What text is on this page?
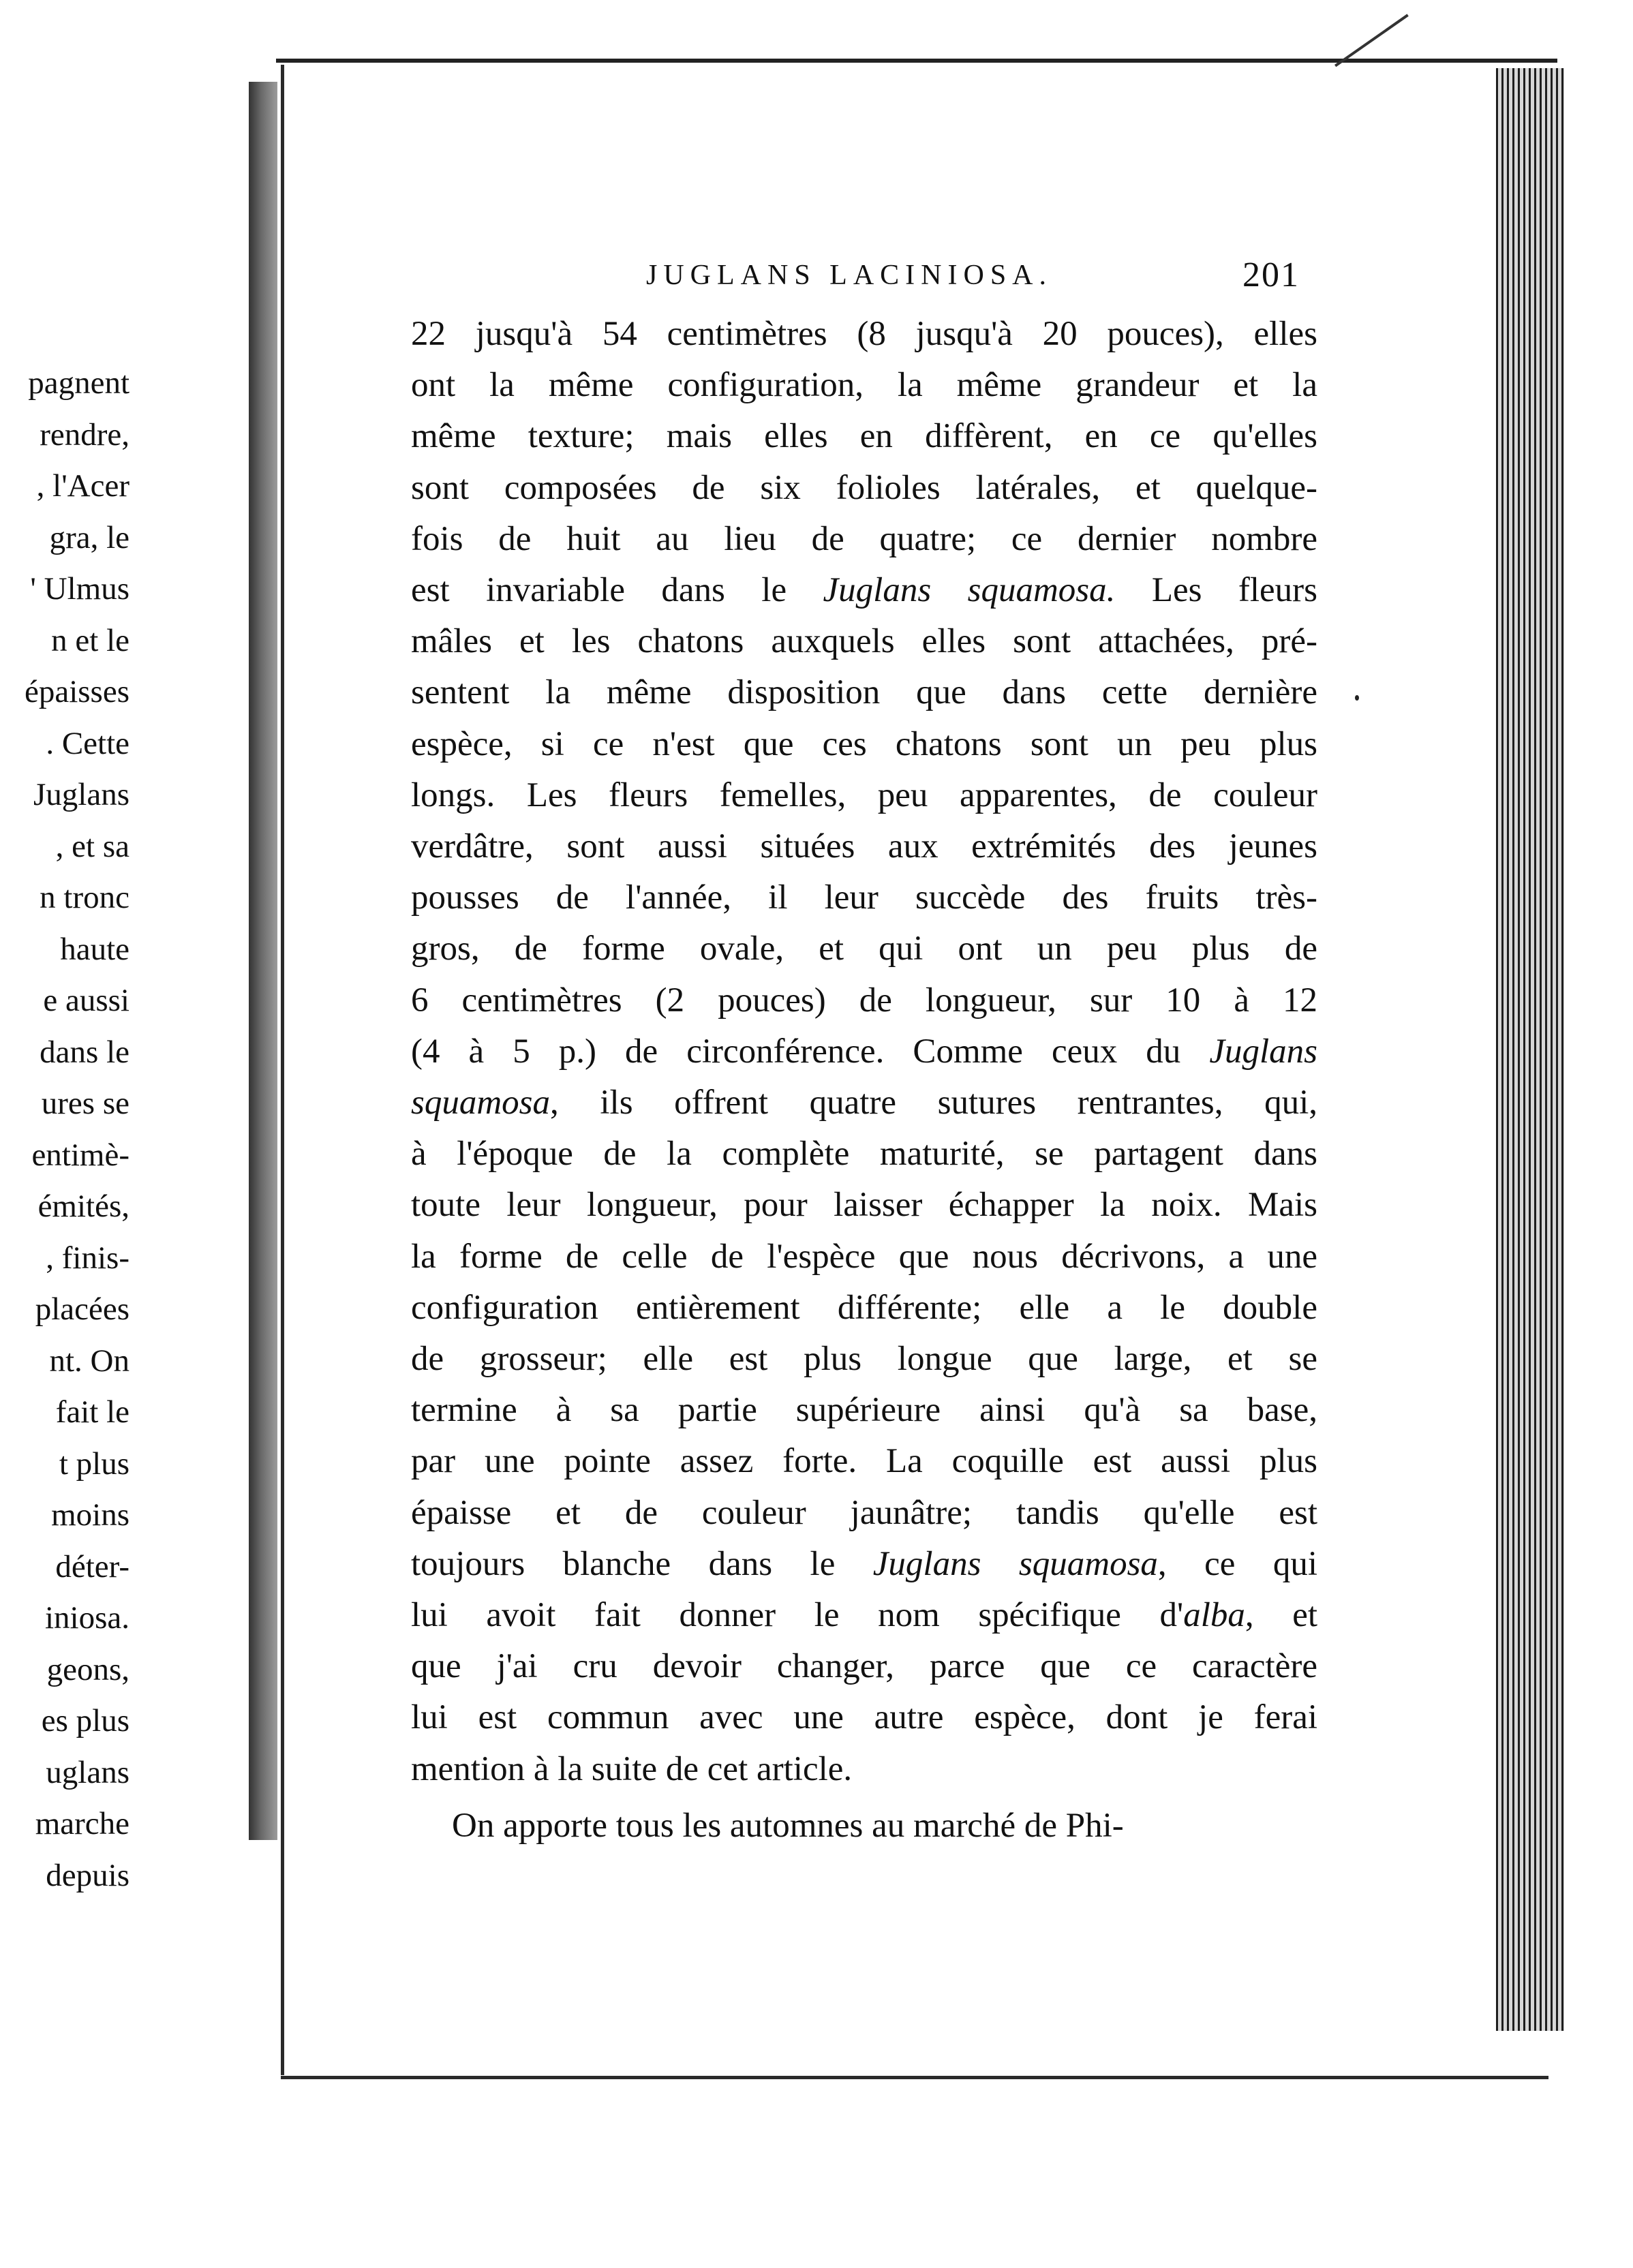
pagnent
rendre,
, l'Acer
gra, le
' Ulmus
n et le
épaisses
. Cette
Juglans
, et sa
n tronc
haute
e aussi
dans le
ures se
entimè-
émités,
, finis-
placées
nt. On
fait le
t plus
moins
déter-
iniosa.
geons,
es plus
uglans
marche
depuis
JUGLANS LACINIOSA.	201
22 jusqu'à 54 centimètres (8 jusqu'à 20 pouces), elles
ont la même configuration, la même grandeur et la
même texture; mais elles en diffèrent, en ce qu'elles
sont composées de six folioles latérales, et quelque-
fois de huit au lieu de quatre; ce dernier nombre
est invariable dans le Juglans squamosa. Les fleurs
mâles et les chatons auxquels elles sont attachées, pré-
sentent la même disposition que dans cette dernière
espèce, si ce n'est que ces chatons sont un peu plus
longs. Les fleurs femelles, peu apparentes, de couleur
verdâtre, sont aussi situées aux extrémités des jeunes
pousses de l'année, il leur succède des fruits très-
gros, de forme ovale, et qui ont un peu plus de
6 centimètres (2 pouces) de longueur, sur 10 à 12
(4 à 5 p.) de circonférence. Comme ceux du Juglans
squamosa, ils offrent quatre sutures rentrantes, qui,
à l'époque de la complète maturité, se partagent dans
toute leur longueur, pour laisser échapper la noix. Mais
la forme de celle de l'espèce que nous décrivons, a une
configuration entièrement différente; elle a le double
de grosseur; elle est plus longue que large, et se
termine à sa partie supérieure ainsi qu'à sa base,
par une pointe assez forte. La coquille est aussi plus
épaisse et de couleur jaunâtre; tandis qu'elle est
toujours blanche dans le Juglans squamosa, ce qui
lui avoit fait donner le nom spécifique d'alba, et
que j'ai cru devoir changer, parce que ce caractère
lui est commun avec une autre espèce, dont je ferai
mention à la suite de cet article.
On apporte tous les automnes au marché de Phi-
